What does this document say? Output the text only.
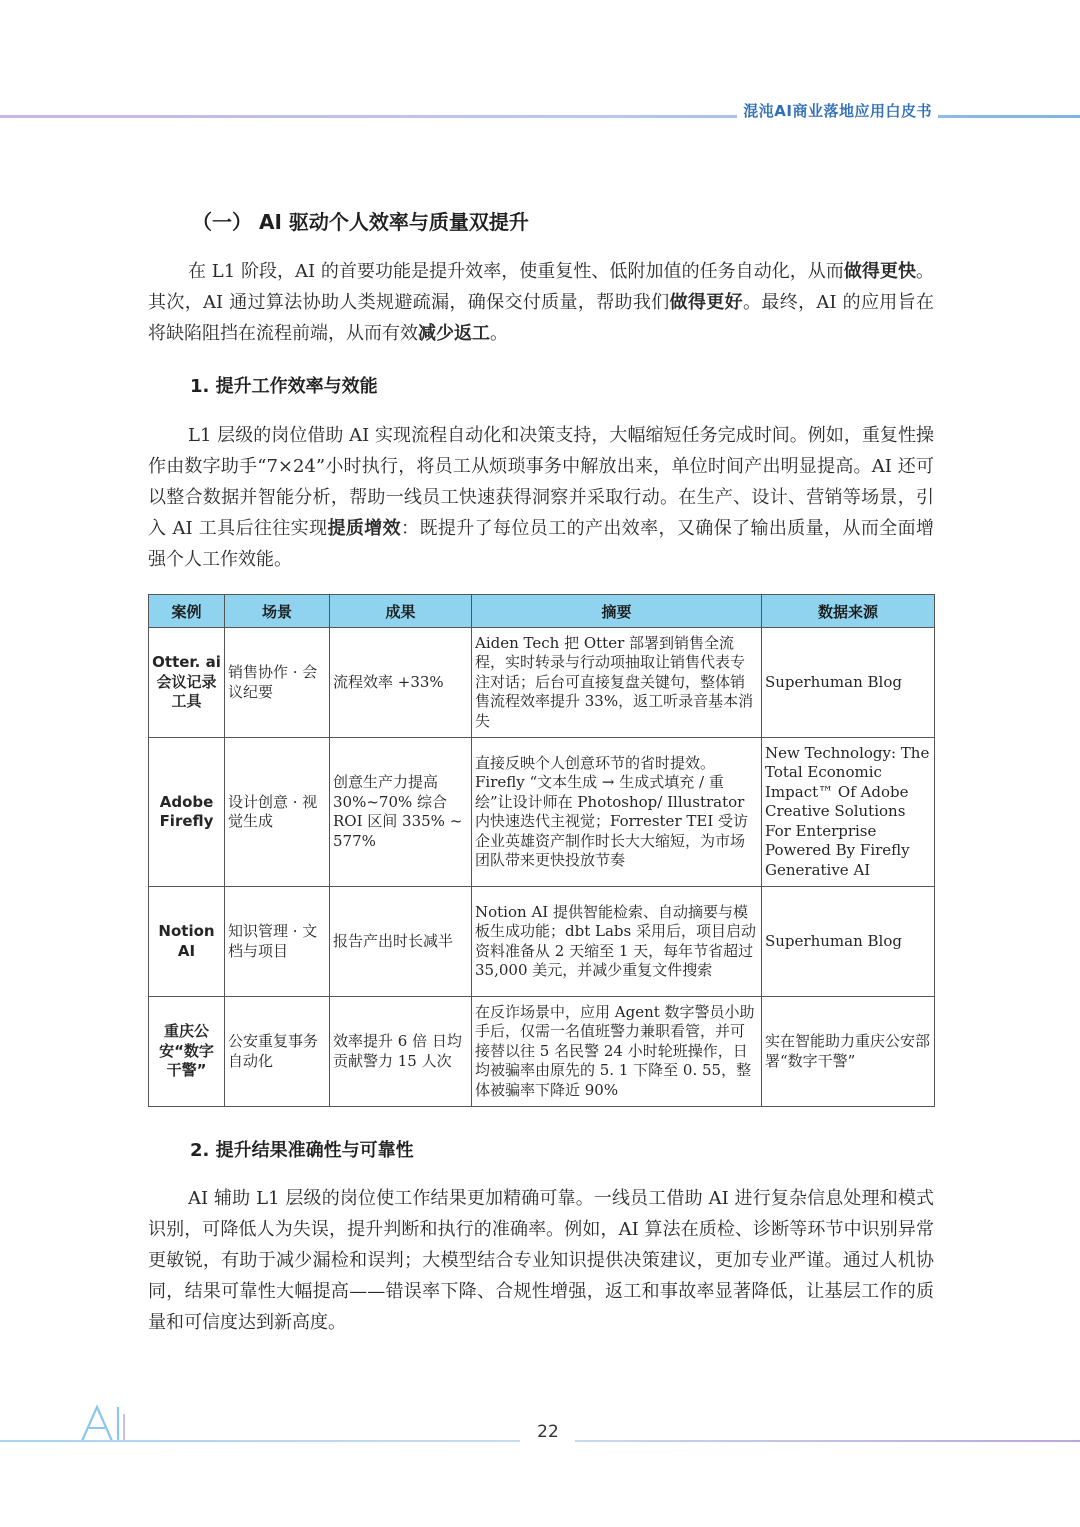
混沌AI商业落地应用白皮书
（一） AI 驱动个人效率与质量双提升

在 L1 阶段，AI 的首要功能是提升效率，使重复性、低附加值的任务自动化，从而做得更快。其次，AI 通过算法协助人类规避疏漏，确保交付质量，帮助我们做得更好。最终，AI 的应用旨在将缺陷阻挡在流程前端，从而有效减少返工。

1. 提升工作效率与效能

L1 层级的岗位借助 AI 实现流程自动化和决策支持，大幅缩短任务完成时间。例如，重复性操作由数字助手“7×24”小时执行，将员工从烦琐事务中解放出来，单位时间产出明显提高。AI 还可以整合数据并智能分析，帮助一线员工快速获得洞察并采取行动。在生产、设计、营销等场景，引入 AI 工具后往往实现提质增效：既提升了每位员工的产出效率，又确保了输出质量，从而全面增强个人工作效能。

案例	场景	成果	摘要	数据来源
Otter. ai 会议记录工具	销售协作 · 会议纪要	流程效率 +33%	Aiden Tech 把 Otter 部署到销售全流程，实时转录与行动项抽取让销售代表专注对话；后台可直接复盘关键句，整体销售流程效率提升 33%，返工听录音基本消失	Superhuman Blog
Adobe Firefly	设计创意 · 视觉生成	创意生产力提高 30%~70% 综合 ROI 区间 335% ~ 577%	直接反映个人创意环节的省时提效。Firefly “文本生成 → 生成式填充 / 重绘”让设计师在 Photoshop/ Illustrator 内快速迭代主视觉；Forrester TEI 受访企业英雄资产制作时长大大缩短，为市场团队带来更快投放节奏	New Technology: The Total Economic Impact™ Of Adobe Creative Solutions For Enterprise Powered By Firefly Generative AI
Notion AI	知识管理 · 文档与项目	报告产出时长减半	Notion AI 提供智能检索、自动摘要与模板生成功能；dbt Labs 采用后，项目启动资料准备从 2 天缩至 1 天，每年节省超过 35,000 美元，并减少重复文件搜索	Superhuman Blog
重庆公安“数字干警”	公安重复事务自动化	效率提升 6 倍 日均贡献警力 15 人次	在反诈场景中，应用 Agent 数字警员小助手后，仅需一名值班警力兼职看管，并可接替以往 5 名民警 24 小时轮班操作，日均被骗率由原先的 5. 1 下降至 0. 55，整体被骗率下降近 90%	实在智能助力重庆公安部署“数字干警”
2. 提升结果准确性与可靠性

AI 辅助 L1 层级的岗位使工作结果更加精确可靠。一线员工借助 AI 进行复杂信息处理和模式识别，可降低人为失误，提升判断和执行的准确率。例如，AI 算法在质检、诊断等环节中识别异常更敏锐，有助于减少漏检和误判；大模型结合专业知识提供决策建议，更加专业严谨。通过人机协同，结果可靠性大幅提高——错误率下降、合规性增强，返工和事故率显著降低，让基层工作的质量和可信度达到新高度。

22
